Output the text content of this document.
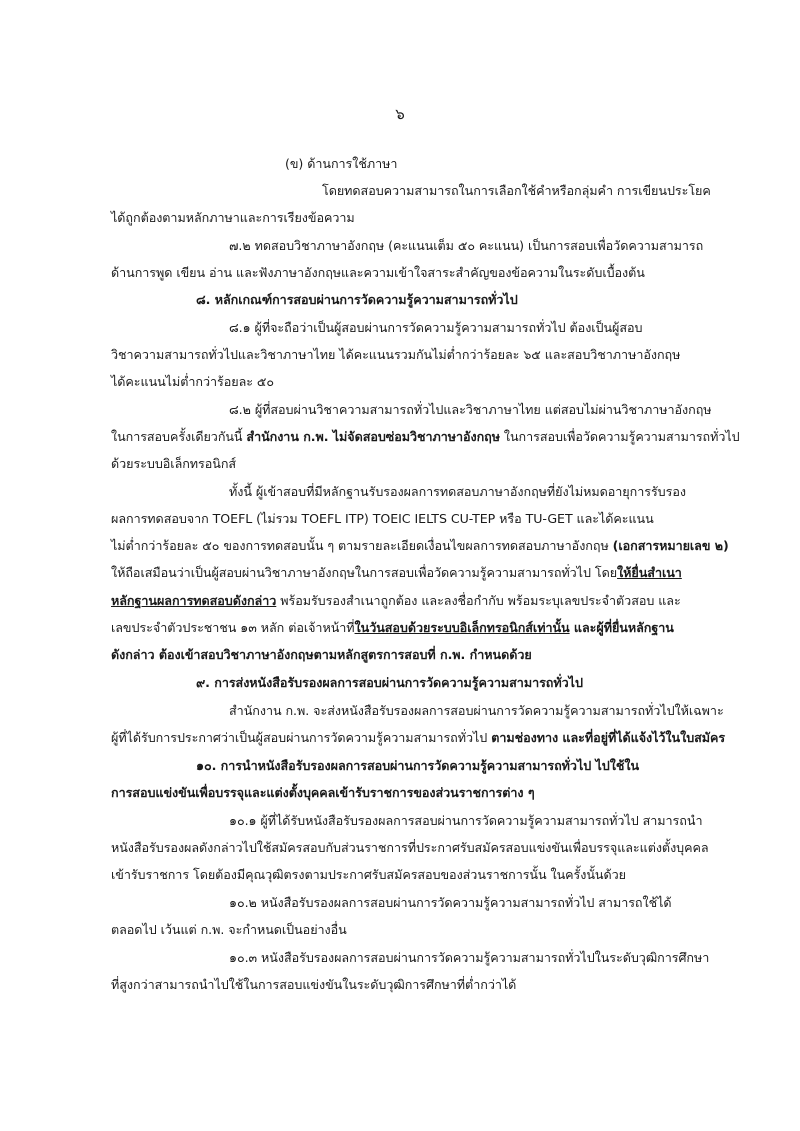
๖
(ข) ด้านการใช้ภาษา
โดยทดสอบความสามารถในการเลือกใช้คำหรือกลุ่มคำ การเขียนประโยค
ได้ถูกต้องตามหลักภาษาและการเรียงข้อความ
๗.๒ ทดสอบวิชาภาษาอังกฤษ (คะแนนเต็ม ๕๐ คะแนน) เป็นการสอบเพื่อวัดความสามารถ
ด้านการพูด เขียน อ่าน และฟังภาษาอังกฤษและความเข้าใจสาระสำคัญของข้อความในระดับเบื้องต้น
๘. หลักเกณฑ์การสอบผ่านการวัดความรู้ความสามารถทั่วไป
๘.๑ ผู้ที่จะถือว่าเป็นผู้สอบผ่านการวัดความรู้ความสามารถทั่วไป ต้องเป็นผู้สอบ
วิชาความสามารถทั่วไปและวิชาภาษาไทย ได้คะแนนรวมกันไม่ต่ำกว่าร้อยละ ๖๕ และสอบวิชาภาษาอังกฤษ
ได้คะแนนไม่ต่ำกว่าร้อยละ ๕๐
๘.๒ ผู้ที่สอบผ่านวิชาความสามารถทั่วไปและวิชาภาษาไทย แต่สอบไม่ผ่านวิชาภาษาอังกฤษ
ในการสอบครั้งเดียวกันนี้ สำนักงาน ก.พ. ไม่จัดสอบซ่อมวิชาภาษาอังกฤษ ในการสอบเพื่อวัดความรู้ความสามารถทั่วไป
ด้วยระบบอิเล็กทรอนิกส์
ทั้งนี้ ผู้เข้าสอบที่มีหลักฐานรับรองผลการทดสอบภาษาอังกฤษที่ยังไม่หมดอายุการรับรอง
ผลการทดสอบจาก TOEFL (ไม่รวม TOEFL ITP) TOEIC IELTS CU-TEP หรือ TU-GET และได้คะแนน
ไม่ต่ำกว่าร้อยละ ๕๐ ของการทดสอบนั้น ๆ ตามรายละเอียดเงื่อนไขผลการทดสอบภาษาอังกฤษ (เอกสารหมายเลข ๒)
ให้ถือเสมือนว่าเป็นผู้สอบผ่านวิชาภาษาอังกฤษในการสอบเพื่อวัดความรู้ความสามารถทั่วไป โดยให้ยื่นสำเนา
หลักฐานผลการทดสอบดังกล่าว พร้อมรับรองสำเนาถูกต้อง และลงชื่อกำกับ พร้อมระบุเลขประจำตัวสอบ และ
เลขประจำตัวประชาชน ๑๓ หลัก ต่อเจ้าหน้าที่ในวันสอบด้วยระบบอิเล็กทรอนิกส์เท่านั้น และผู้ที่ยื่นหลักฐาน
ดังกล่าว ต้องเข้าสอบวิชาภาษาอังกฤษตามหลักสูตรการสอบที่ ก.พ. กำหนดด้วย
๙. การส่งหนังสือรับรองผลการสอบผ่านการวัดความรู้ความสามารถทั่วไป
สำนักงาน ก.พ. จะส่งหนังสือรับรองผลการสอบผ่านการวัดความรู้ความสามารถทั่วไปให้เฉพาะ
ผู้ที่ได้รับการประกาศว่าเป็นผู้สอบผ่านการวัดความรู้ความสามารถทั่วไป ตามช่องทาง และที่อยู่ที่ได้แจ้งไว้ในใบสมัคร
๑๐. การนำหนังสือรับรองผลการสอบผ่านการวัดความรู้ความสามารถทั่วไป ไปใช้ใน
การสอบแข่งขันเพื่อบรรจุและแต่งตั้งบุคคลเข้ารับราชการของส่วนราชการต่าง ๆ
๑๐.๑ ผู้ที่ได้รับหนังสือรับรองผลการสอบผ่านการวัดความรู้ความสามารถทั่วไป สามารถนำ
หนังสือรับรองผลดังกล่าวไปใช้สมัครสอบกับส่วนราชการที่ประกาศรับสมัครสอบแข่งขันเพื่อบรรจุและแต่งตั้งบุคคล
เข้ารับราชการ โดยต้องมีคุณวุฒิตรงตามประกาศรับสมัครสอบของส่วนราชการนั้น ในครั้งนั้นด้วย
๑๐.๒ หนังสือรับรองผลการสอบผ่านการวัดความรู้ความสามารถทั่วไป สามารถใช้ได้
ตลอดไป เว้นแต่ ก.พ. จะกำหนดเป็นอย่างอื่น
๑๐.๓ หนังสือรับรองผลการสอบผ่านการวัดความรู้ความสามารถทั่วไปในระดับวุฒิการศึกษา
ที่สูงกว่าสามารถนำไปใช้ในการสอบแข่งขันในระดับวุฒิการศึกษาที่ต่ำกว่าได้
